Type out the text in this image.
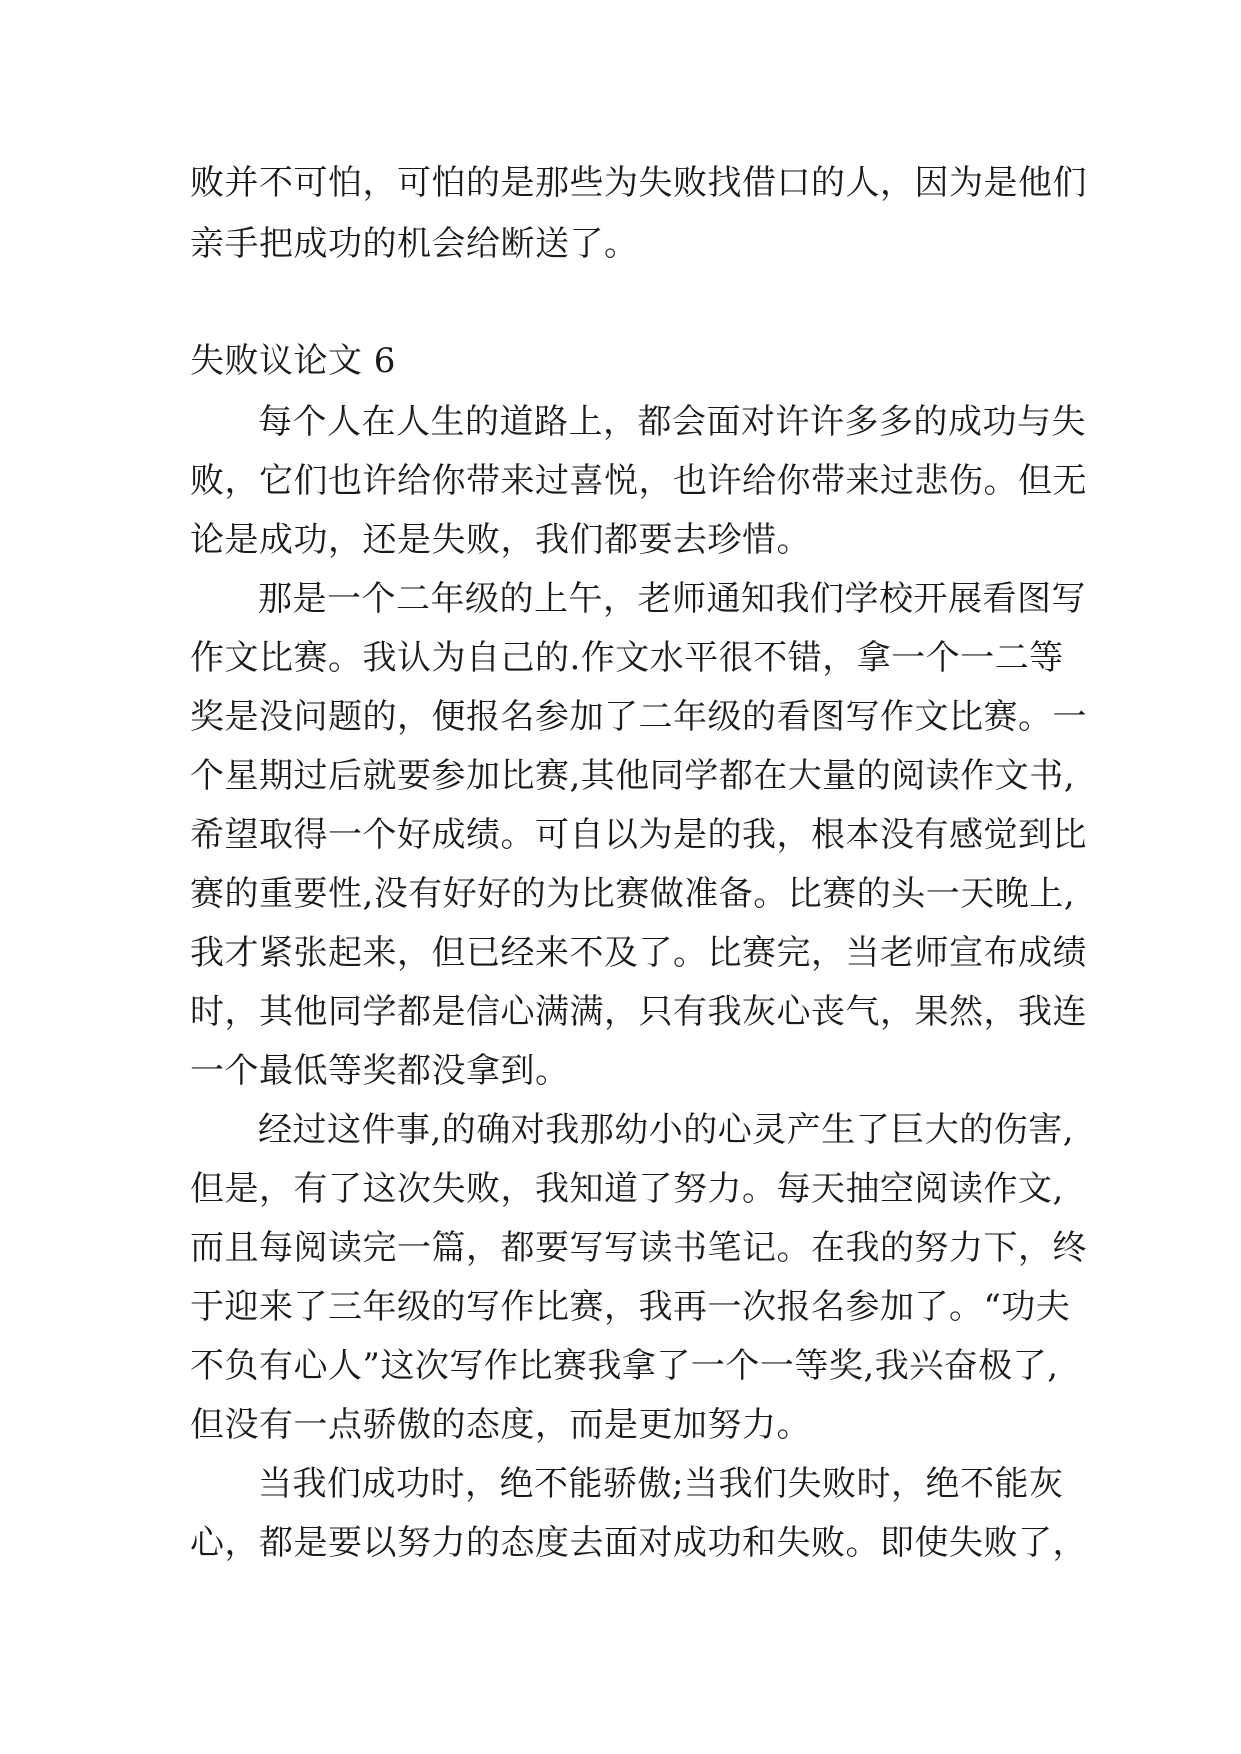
败并不可怕，可怕的是那些为失败找借口的人，因为是他们
亲手把成功的机会给断送了。
失败议论文 6
每个人在人生的道路上，都会面对许许多多的成功与失
败，它们也许给你带来过喜悦，也许给你带来过悲伤。但无
论是成功，还是失败，我们都要去珍惜。
那是一个二年级的上午，老师通知我们学校开展看图写
作文比赛。我认为自己的.作文水平很不错，拿一个一二等
奖是没问题的，便报名参加了二年级的看图写作文比赛。一
个星期过后就要参加比赛,其他同学都在大量的阅读作文书,
希望取得一个好成绩。可自以为是的我，根本没有感觉到比
赛的重要性,没有好好的为比赛做准备。比赛的头一天晚上,
我才紧张起来，但已经来不及了。比赛完，当老师宣布成绩
时，其他同学都是信心满满，只有我灰心丧气，果然，我连
一个最低等奖都没拿到。
经过这件事,的确对我那幼小的心灵产生了巨大的伤害,
但是，有了这次失败，我知道了努力。每天抽空阅读作文,
而且每阅读完一篇，都要写写读书笔记。在我的努力下，终
于迎来了三年级的写作比赛，我再一次报名参加了。“功夫
不负有心人”这次写作比赛我拿了一个一等奖,我兴奋极了,
但没有一点骄傲的态度，而是更加努力。
当我们成功时，绝不能骄傲;当我们失败时，绝不能灰
心，都是要以努力的态度去面对成功和失败。即使失败了，
